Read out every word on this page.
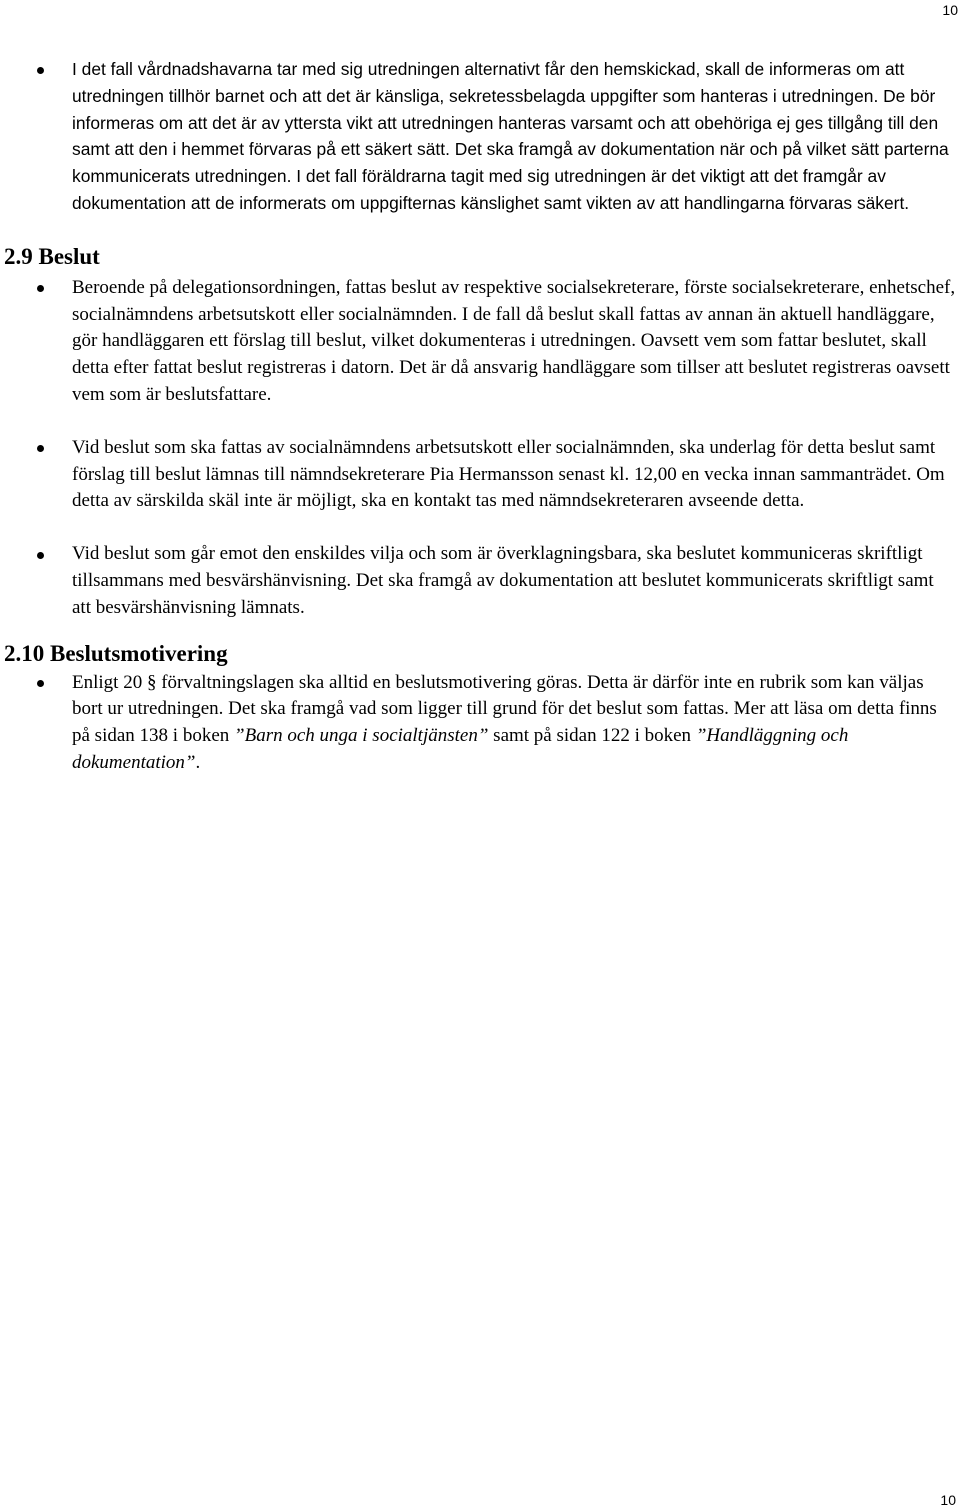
10
I det fall vårdnadshavarna tar med sig utredningen alternativt får den hemskickad, skall de informeras om att utredningen tillhör barnet och att det är känsliga, sekretessbelagda uppgifter som hanteras i utredningen. De bör informeras om att det är av yttersta vikt att utredningen hanteras varsamt och att obehöriga ej ges tillgång till den samt att den i hemmet förvaras på ett säkert sätt. Det ska framgå av dokumentation när och på vilket sätt parterna kommunicerats utredningen. I det fall föräldrarna tagit med sig utredningen är det viktigt att det framgår av dokumentation att de informerats om uppgifternas känslighet samt vikten av att handlingarna förvaras säkert.
2.9 Beslut
Beroende på delegationsordningen, fattas beslut av respektive socialsekreterare, förste socialsekreterare, enhetschef, socialnämndens arbetsutskott eller socialnämnden. I de fall då beslut skall fattas av annan än aktuell handläggare, gör handläggaren ett förslag till beslut, vilket dokumenteras i utredningen. Oavsett vem som fattar beslutet, skall detta efter fattat beslut registreras i datorn. Det är då ansvarig handläggare som tillser att beslutet registreras oavsett vem som är beslutsfattare.
Vid beslut som ska fattas av socialnämndens arbetsutskott eller socialnämnden, ska underlag för detta beslut samt förslag till beslut lämnas till nämndsekreterare Pia Hermansson senast kl. 12,00 en vecka innan sammanträdet. Om detta av särskilda skäl inte är möjligt, ska en kontakt tas med nämndsekreteraren avseende detta.
Vid beslut som går emot den enskildes vilja och som är överklagningsbara, ska beslutet kommuniceras skriftligt tillsammans med besvärshänvisning. Det ska framgå av dokumentation att beslutet kommunicerats skriftligt samt att besvärshänvisning lämnats.
2.10 Beslutsmotivering
Enligt 20 § förvaltningslagen ska alltid en beslutsmotivering göras. Detta är därför inte en rubrik som kan väljas bort ur utredningen. Det ska framgå vad som ligger till grund för det beslut som fattas. Mer att läsa om detta finns på sidan 138 i boken ”Barn och unga i socialtjänsten” samt på sidan 122 i boken ”Handläggning och dokumentation”.
10
